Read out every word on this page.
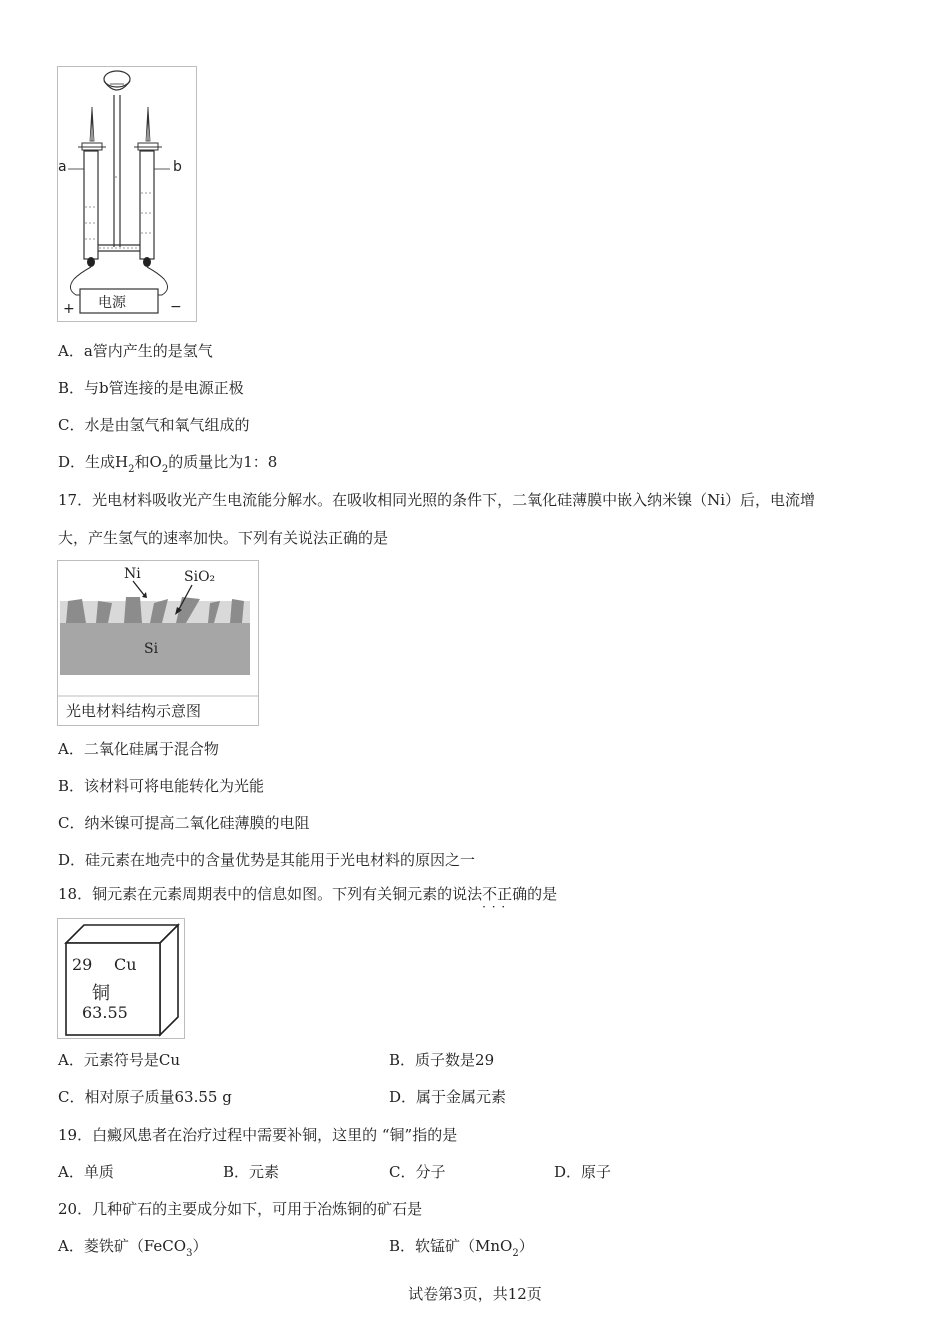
a	b
电源
+	−
A．a管内产生的是氢气
B．与b管连接的是电源正极
C．水是由氢气和氧气组成的
D．生成$H_2$和$O_2$的质量比为1：8
17．光电材料吸收光产生电流能分解水。在吸收相同光照的条件下，二氧化硅薄膜中嵌入纳米镍（Ni）后，电流增
大，产生氢气的速率加快。下列有关说法正确的是
Ni	SiO₂
Si
光电材料结构示意图
A．二氧化硅属于混合物
B．该材料可将电能转化为光能
C．纳米镍可提高二氧化硅薄膜的电阻
D．硅元素在地壳中的含量优势是其能用于光电材料的原因之一
18．铜元素在元素周期表中的信息如图。下列有关铜元素的说法不正确 · · ·的是
29 Cu
铜
63.55
A．元素符号是Cu	B．质子数是29
C．相对原子质量63.55 g	D．属于金属元素
19．白癜风患者在治疗过程中需要补铜，这里的 “铜”指的是
A．单质	B．元素	C．分子	D．原子
20．几种矿石的主要成分如下，可用于冶炼铜的矿石是
A．菱铁矿（FeCO$_3$）	B．软锰矿（MnO$_2$）
试卷第3页，共12页
